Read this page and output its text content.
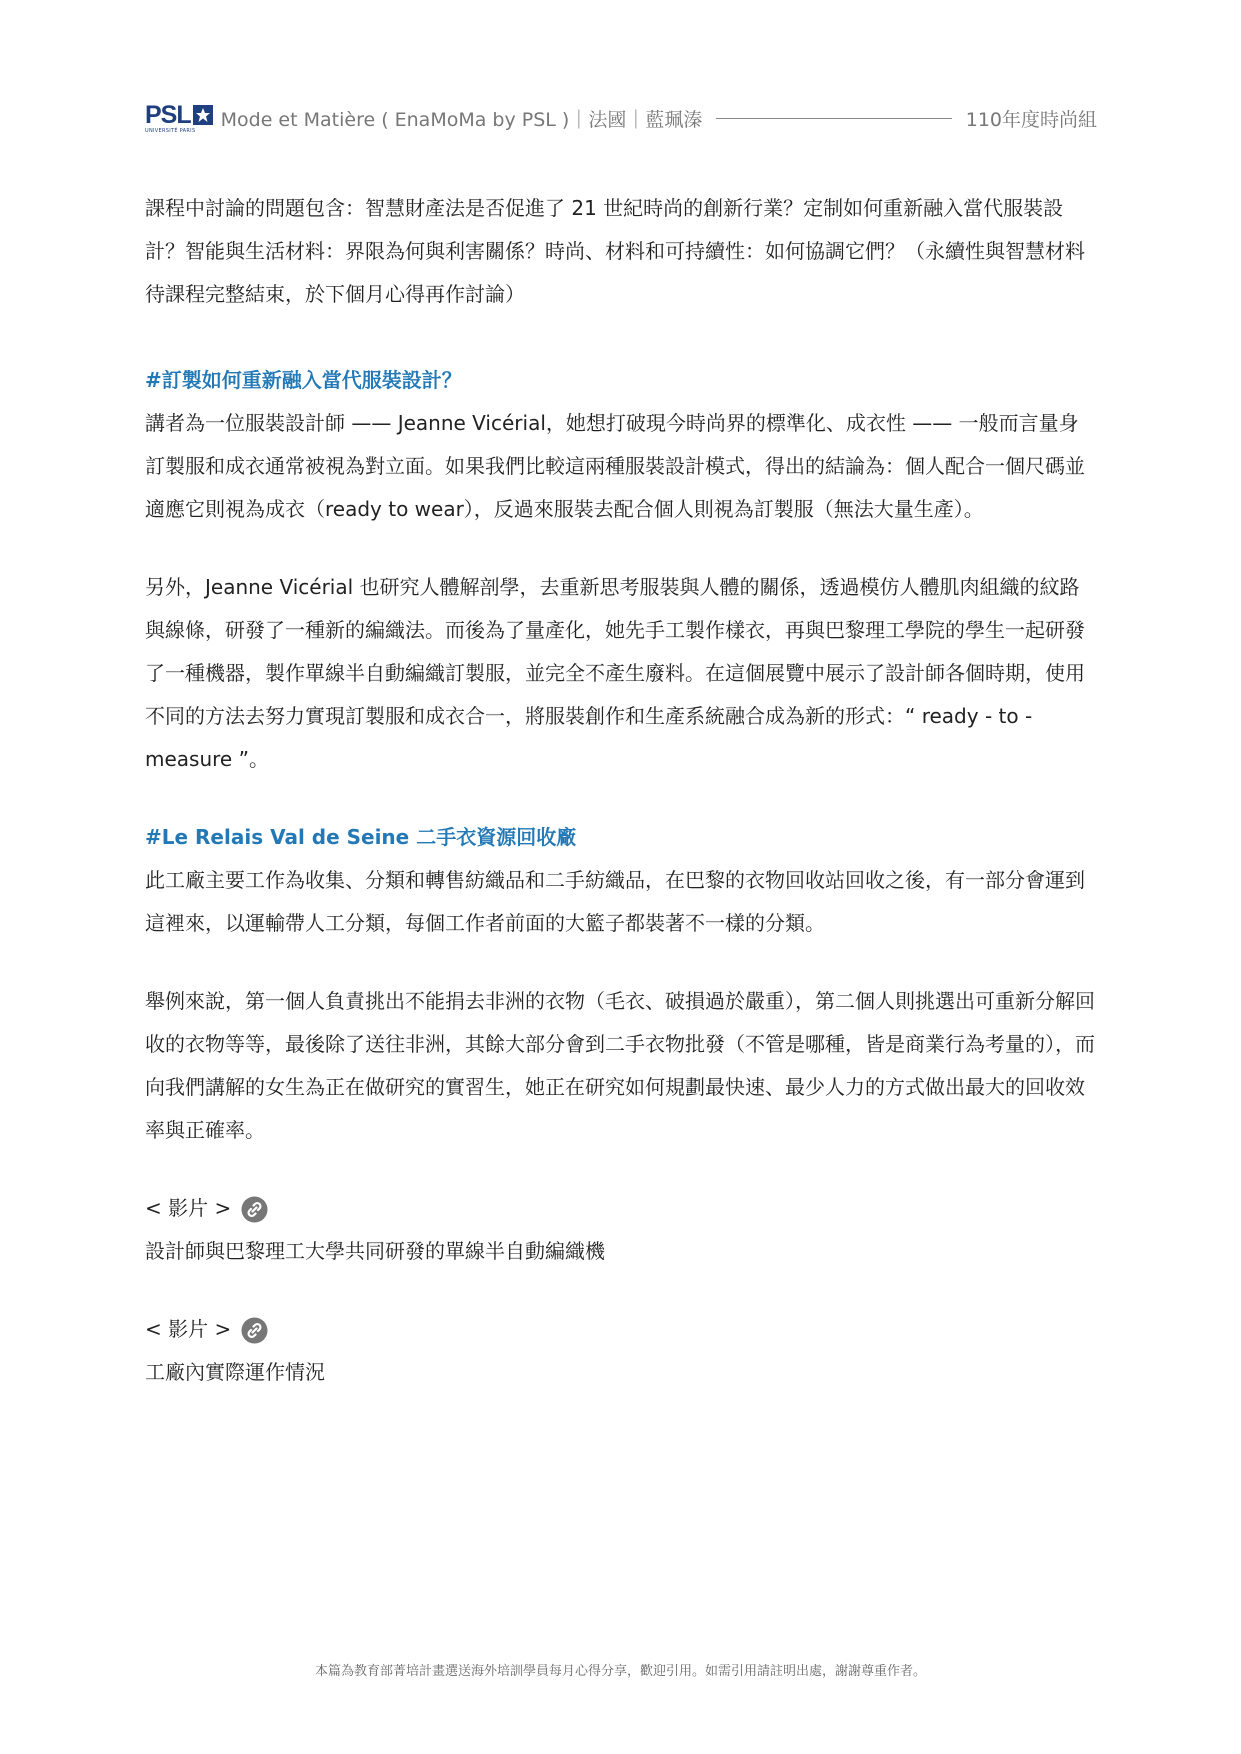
PSL
UNIVERSITÉ PARIS Mode et Matière ( EnaMoMa by PSL )｜法國｜藍珮溱	110年度時尚組

課程中討論的問題包含：智慧財產法是否促進了 21 世紀時尚的創新行業？定制如何重新融入當代服裝設計？智能與生活材料：界限為何與利害關係？時尚、材料和可持續性：如何協調它們？（永續性與智慧材料待課程完整結束，於下個月心得再作討論）

#訂製如何重新融入當代服裝設計？

講者為一位服裝設計師 —— Jeanne Vicérial，她想打破現今時尚界的標準化、成衣性 —— 一般而言量身訂製服和成衣通常被視為對立面。如果我們比較這兩種服裝設計模式，得出的結論為：個人配合一個尺碼並適應它則視為成衣（ready to wear），反過來服裝去配合個人則視為訂製服（無法大量生產）。

另外，Jeanne Vicérial 也研究人體解剖學，去重新思考服裝與人體的關係，透過模仿人體肌肉組織的紋路與線條，研發了一種新的編織法。而後為了量產化，她先手工製作樣衣，再與巴黎理工學院的學生一起研發了一種機器，製作單線半自動編織訂製服，並完全不產生廢料。在這個展覽中展示了設計師各個時期，使用不同的方法去努力實現訂製服和成衣合一，將服裝創作和生產系統融合成為新的形式：“ ready - to - measure ”。

#Le Relais Val de Seine 二手衣資源回收廠

此工廠主要工作為收集、分類和轉售紡織品和二手紡織品，在巴黎的衣物回收站回收之後，有一部分會運到這裡來，以運輸帶人工分類，每個工作者前面的大籃子都裝著不一樣的分類。

舉例來說，第一個人負責挑出不能捐去非洲的衣物（毛衣、破損過於嚴重），第二個人則挑選出可重新分解回收的衣物等等，最後除了送往非洲，其餘大部分會到二手衣物批發（不管是哪種，皆是商業行為考量的），而向我們講解的女生為正在做研究的實習生，她正在研究如何規劃最快速、最少人力的方式做出最大的回收效率與正確率。

< 影片 >

設計師與巴黎理工大學共同研發的單線半自動編織機

< 影片 >

工廠內實際運作情況

本篇為教育部菁培計畫選送海外培訓學員每月心得分享，歡迎引用。如需引用請註明出處，謝謝尊重作者。
